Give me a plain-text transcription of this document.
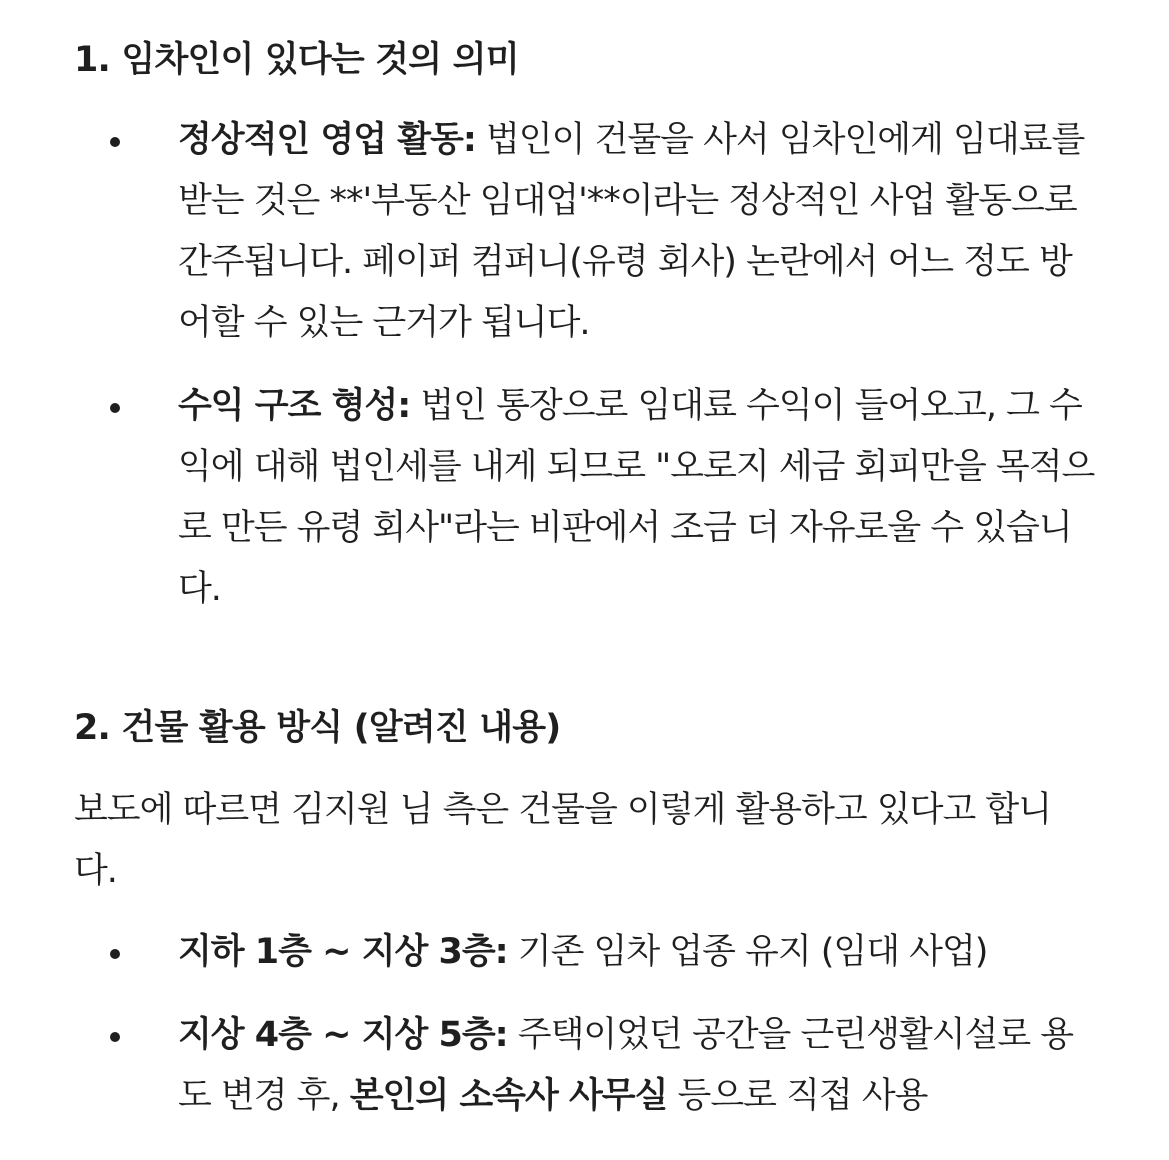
1. 임차인이 있다는 것의 의미
정상적인 영업 활동: 법인이 건물을 사서 임차인에게 임대료를 받는 것은 **'부동산 임대업'**이라는 정상적인 사업 활동으로 간주됩니다. 페이퍼 컴퍼니(유령 회사) 논란에서 어느 정도 방어할 수 있는 근거가 됩니다.
수익 구조 형성: 법인 통장으로 임대료 수익이 들어오고, 그 수익에 대해 법인세를 내게 되므로 "오로지 세금 회피만을 목적으로 만든 유령 회사"라는 비판에서 조금 더 자유로울 수 있습니다.
2. 건물 활용 방식 (알려진 내용)

보도에 따르면 김지원 님 측은 건물을 이렇게 활용하고 있다고 합니다.

지하 1층 ~ 지상 3층: 기존 임차 업종 유지 (임대 사업)
지상 4층 ~ 지상 5층: 주택이었던 공간을 근린생활시설로 용도 변경 후, 본인의 소속사 사무실 등으로 직접 사용
